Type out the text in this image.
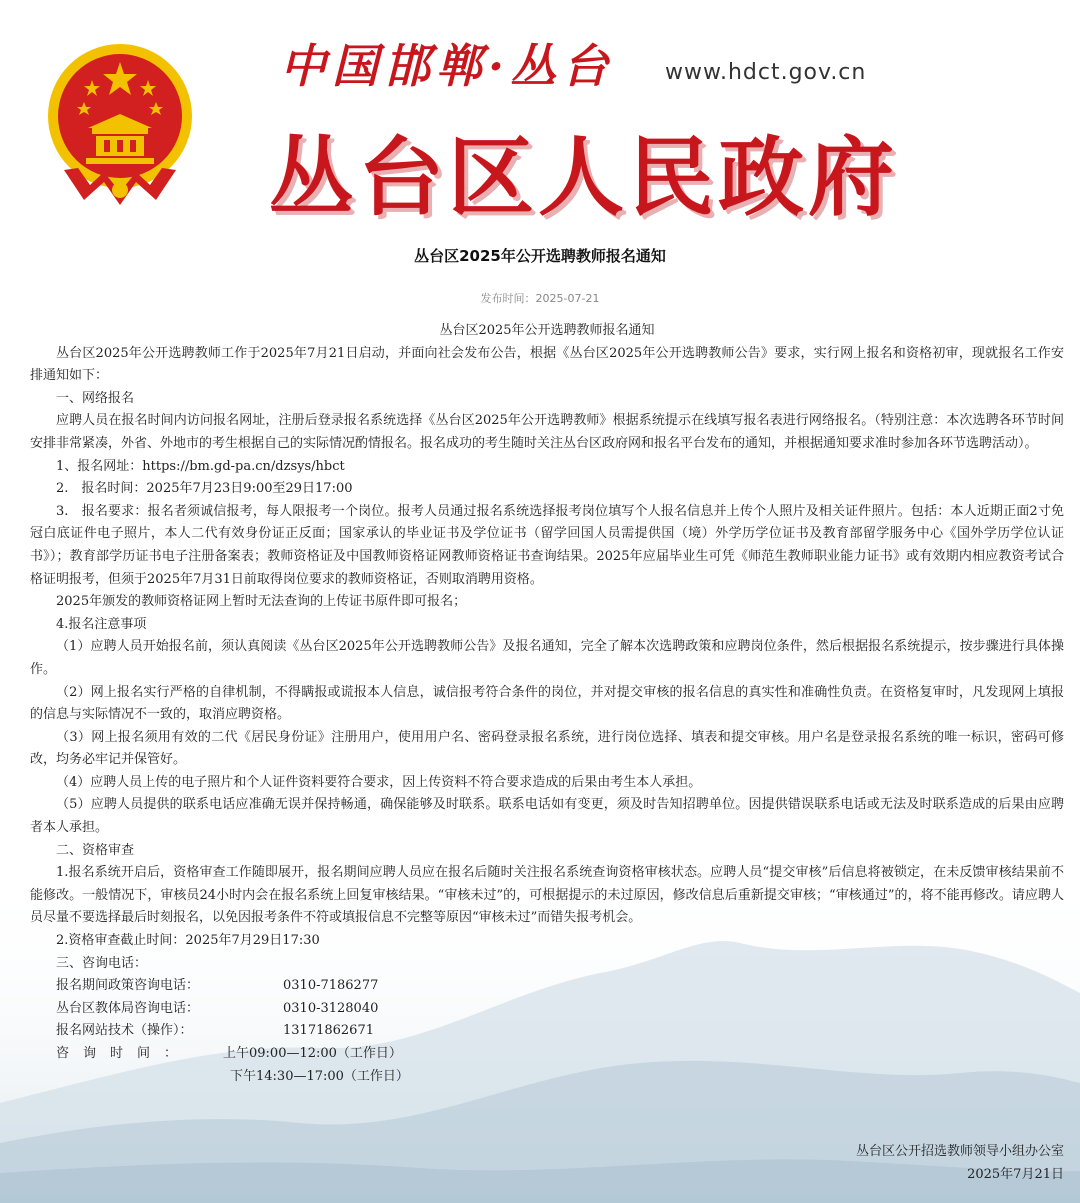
中国邯郸·丛台 www.hdct.gov.cn
丛台区人民政府
丛台区2025年公开选聘教师报名通知
发布时间：2025-07-21

丛台区2025年公开选聘教师报名通知

丛台区2025年公开选聘教师工作于2025年7月21日启动，并面向社会发布公告，根据《丛台区2025年公开选聘教师公告》要求，实行网上报名和资格初审，现就报名工作安排通知如下：

一、网络报名

应聘人员在报名时间内访问报名网址，注册后登录报名系统选择《丛台区2025年公开选聘教师》根据系统提示在线填写报名表进行网络报名。（特别注意：本次选聘各环节时间安排非常紧凑，外省、外地市的考生根据自己的实际情况酌情报名。报名成功的考生随时关注丛台区政府网和报名平台发布的通知，并根据通知要求准时参加各环节选聘活动）。

1、报名网址：https://bm.gd-pa.cn/dzsys/hbct

2.　报名时间：2025年7月23日9:00至29日17:00

3.　报名要求：报名者须诚信报考，每人限报考一个岗位。报考人员通过报名系统选择报考岗位填写个人报名信息并上传个人照片及相关证件照片。包括：本人近期正面2寸免冠白底证件电子照片，本人二代有效身份证正反面；国家承认的毕业证书及学位证书（留学回国人员需提供国（境）外学历学位证书及教育部留学服务中心《国外学历学位认证书》）；教育部学历证书电子注册备案表；教师资格证及中国教师资格证网教师资格证书查询结果。2025年应届毕业生可凭《师范生教师职业能力证书》或有效期内相应教资考试合格证明报考，但须于2025年7月31日前取得岗位要求的教师资格证，否则取消聘用资格。

2025年颁发的教师资格证网上暂时无法查询的上传证书原件即可报名；

4.报名注意事项

（1）应聘人员开始报名前，须认真阅读《丛台区2025年公开选聘教师公告》及报名通知，完全了解本次选聘政策和应聘岗位条件，然后根据报名系统提示，按步骤进行具体操作。

（2）网上报名实行严格的自律机制，不得瞒报或谎报本人信息，诚信报考符合条件的岗位，并对提交审核的报名信息的真实性和准确性负责。在资格复审时，凡发现网上填报的信息与实际情况不一致的，取消应聘资格。

（3）网上报名须用有效的二代《居民身份证》注册用户，使用用户名、密码登录报名系统，进行岗位选择、填表和提交审核。用户名是登录报名系统的唯一标识，密码可修改，均务必牢记并保管好。

（4）应聘人员上传的电子照片和个人证件资料要符合要求，因上传资料不符合要求造成的后果由考生本人承担。

（5）应聘人员提供的联系电话应准确无误并保持畅通，确保能够及时联系。联系电话如有变更，须及时告知招聘单位。因提供错误联系电话或无法及时联系造成的后果由应聘者本人承担。

二、资格审查

1.报名系统开启后，资格审查工作随即展开，报名期间应聘人员应在报名后随时关注报名系统查询资格审核状态。应聘人员“提交审核”后信息将被锁定，在未反馈审核结果前不能修改。一般情况下，审核员24小时内会在报名系统上回复审核结果。“审核未过”的，可根据提示的未过原因，修改信息后重新提交审核；“审核通过”的，将不能再修改。请应聘人员尽量不要选择最后时刻报名，以免因报考条件不符或填报信息不完整等原因“审核未过”而错失报考机会。

2.资格审查截止时间：2025年7月29日17:30

三、咨询电话：

报名期间政策咨询电话：	0310-7186277
丛台区教体局咨询电话：	0310-3128040
报名网站技术（操作）：	13171862671
咨询时间： 上午09:00—12:00（工作日）
下午14:30—17:00（工作日）
丛台区公开招选教师领导小组办公室
2025年7月21日
